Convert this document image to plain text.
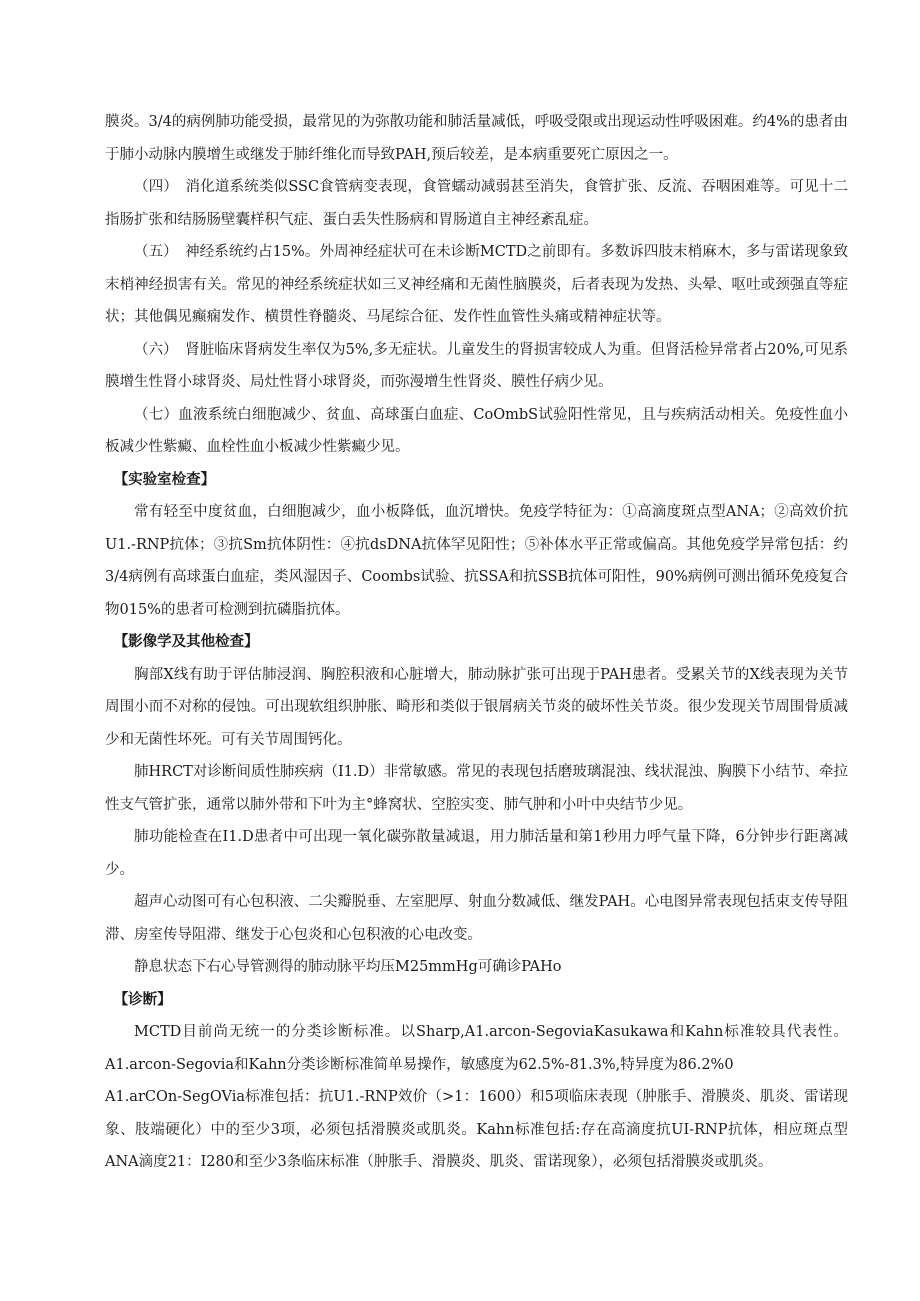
膜炎。3/4的病例肺功能受损，最常见的为弥散功能和肺活量减低，呼吸受限或出现运动性呼吸困难。约4%的患者由于肺小动脉内膜增生或继发于肺纤维化而导致PAH,预后较差，是本病重要死亡原因之一。

（四）　消化道系统类似SSC食管病变表现，食管蠕动减弱甚至消失，食管扩张、反流、吞咽困难等。可见十二指肠扩张和结肠肠壁囊样积气症、蛋白丢失性肠病和胃肠道自主神经紊乱症。

（五）　神经系统约占15%。外周神经症状可在未诊断MCTD之前即有。多数诉四肢末梢麻木，多与雷诺现象致末梢神经损害有关。常见的神经系统症状如三叉神经痛和无菌性脑膜炎，后者表现为发热、头晕、呕吐或颈强直等症状；其他偶见癫痫发作、横贯性脊髓炎、马尾综合征、发作性血管性头痛或精神症状等。

（六）　肾脏临床肾病发生率仅为5%,多无症状。儿童发生的肾损害较成人为重。但肾活检异常者占20%,可见系膜增生性肾小球肾炎、局灶性肾小球肾炎，而弥漫增生性肾炎、膜性仔病少见。

（七）血液系统白细胞减少、贫血、高球蛋白血症、CoOmbS试验阳性常见，且与疾病活动相关。免疫性血小板减少性紫癜、血栓性血小板减少性紫癜少见。

【实验室检查】

常有轻至中度贫血，白细胞减少，血小板降低，血沉增快。免疫学特征为：①高滴度斑点型ANA；②高效价抗U1.-RNP抗体；③抗Sm抗体阴性：④抗dsDNA抗体罕见阳性；⑤补体水平正常或偏高。其他免疫学异常包括：约3/4病例有高球蛋白血症，类风湿因子、Coombs试验、抗SSA和抗SSB抗体可阳性，90%病例可测出循环免疫复合物015%的患者可检测到抗磷脂抗体。

【影像学及其他检查】

胸部X线有助于评估肺浸润、胸腔积液和心脏增大，肺动脉扩张可出现于PAH患者。受累关节的X线表现为关节周围小而不对称的侵蚀。可出现软组织肿胀、畸形和类似于银屑病关节炎的破坏性关节炎。很少发现关节周围骨质减少和无菌性坏死。可有关节周围钙化。

肺HRCT对诊断间质性肺疾病（I1.D）非常敏感。常见的表现包括磨玻璃混浊、线状混浊、胸膜下小结节、牵拉性支气管扩张，通常以肺外带和下叶为主°蜂窝状、空腔实变、肺气肿和小叶中央结节少见。

肺功能检查在I1.D患者中可出现一氧化碳弥散量减退，用力肺活量和第1秒用力呼气量下降，6分钟步行距离减少。

超声心动图可有心包积液、二尖瓣脱垂、左室肥厚、射血分数减低、继发PAH。心电图异常表现包括束支传导阻滞、房室传导阻滞、继发于心包炎和心包积液的心电改变。

静息状态下右心导管测得的肺动脉平均压M25mmHg可确诊PAHo

【诊断】

MCTD目前尚无统一的分类诊断标准。以Sharp,A1.arcon-SegoviaKasukawa和Kahn标准较具代表性。A1.arcon-Segovia和Kahn分类诊断标准简单易操作，敏感度为62.5%-81.3%,特异度为86.2%0

A1.arCOn-SegOVia标准包括：抗U1.-RNP效价（>1：1600）和5项临床表现（肿胀手、滑膜炎、肌炎、雷诺现象、肢端硬化）中的至少3项，必须包括滑膜炎或肌炎。Kahn标准包括:存在高滴度抗UI-RNP抗体，相应斑点型ANA滴度21：I280和至少3条临床标准（肿胀手、滑膜炎、肌炎、雷诺现象），必须包括滑膜炎或肌炎。
